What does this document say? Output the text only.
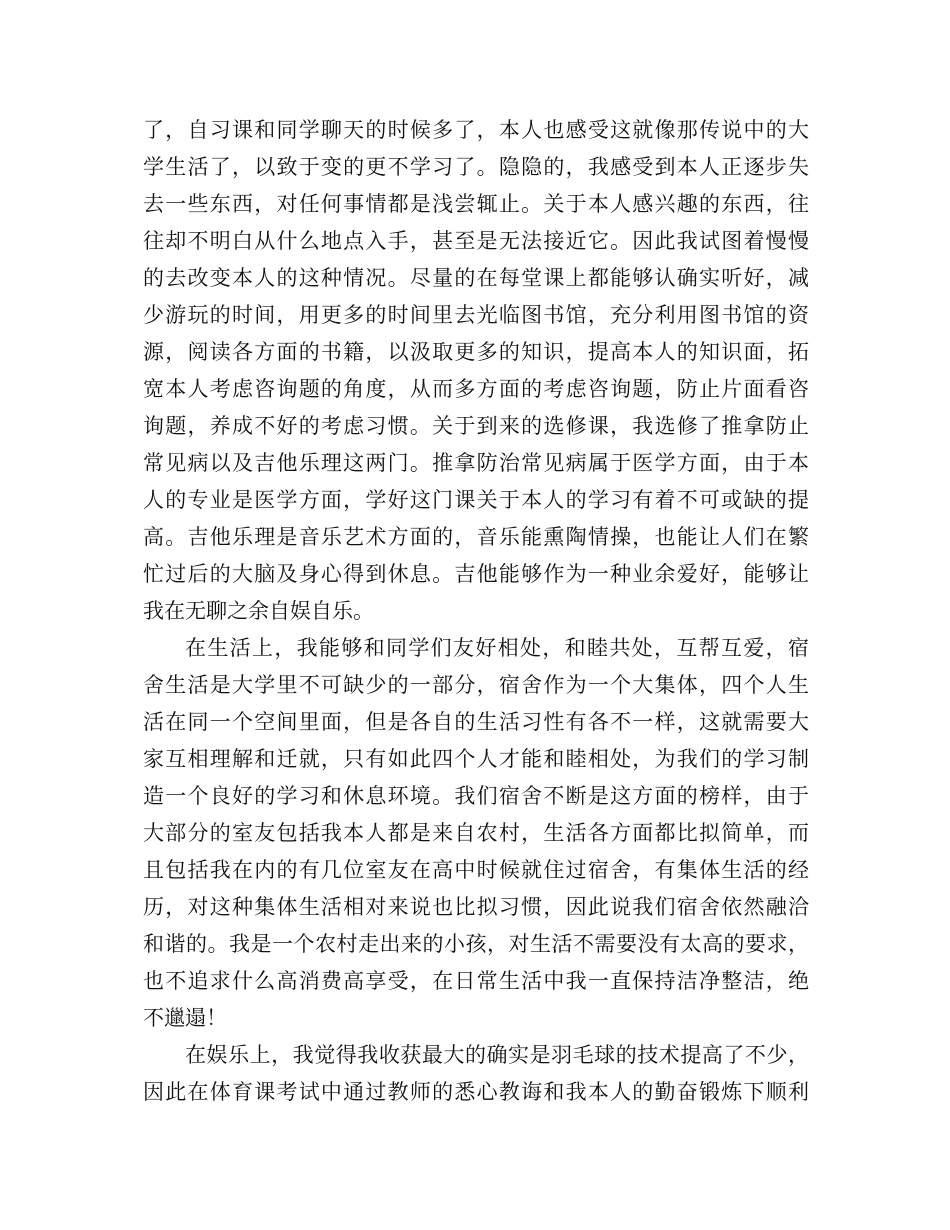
了，自习课和同学聊天的时候多了，本人也感受这就像那传说中的大
学生活了，以致于变的更不学习了。隐隐的，我感受到本人正逐步失
去一些东西，对任何事情都是浅尝辄止。关于本人感兴趣的东西，往
往却不明白从什么地点入手，甚至是无法接近它。因此我试图着慢慢
的去改变本人的这种情况。尽量的在每堂课上都能够认确实听好，减
少游玩的时间，用更多的时间里去光临图书馆，充分利用图书馆的资
源，阅读各方面的书籍，以汲取更多的知识，提高本人的知识面，拓
宽本人考虑咨询题的角度，从而多方面的考虑咨询题，防止片面看咨
询题，养成不好的考虑习惯。关于到来的选修课，我选修了推拿防止
常见病以及吉他乐理这两门。推拿防治常见病属于医学方面，由于本
人的专业是医学方面，学好这门课关于本人的学习有着不可或缺的提
高。吉他乐理是音乐艺术方面的，音乐能熏陶情操，也能让人们在繁
忙过后的大脑及身心得到休息。吉他能够作为一种业余爱好，能够让
我在无聊之余自娱自乐。
在生活上，我能够和同学们友好相处，和睦共处，互帮互爱，宿
舍生活是大学里不可缺少的一部分，宿舍作为一个大集体，四个人生
活在同一个空间里面，但是各自的生活习性有各不一样，这就需要大
家互相理解和迁就，只有如此四个人才能和睦相处，为我们的学习制
造一个良好的学习和休息环境。我们宿舍不断是这方面的榜样，由于
大部分的室友包括我本人都是来自农村，生活各方面都比拟简单，而
且包括我在内的有几位室友在高中时候就住过宿舍，有集体生活的经
历，对这种集体生活相对来说也比拟习惯，因此说我们宿舍依然融洽
和谐的。我是一个农村走出来的小孩，对生活不需要没有太高的要求，
也不追求什么高消费高享受，在日常生活中我一直保持洁净整洁，绝
不邋遢！
在娱乐上，我觉得我收获最大的确实是羽毛球的技术提高了不少，
因此在体育课考试中通过教师的悉心教诲和我本人的勤奋锻炼下顺利
